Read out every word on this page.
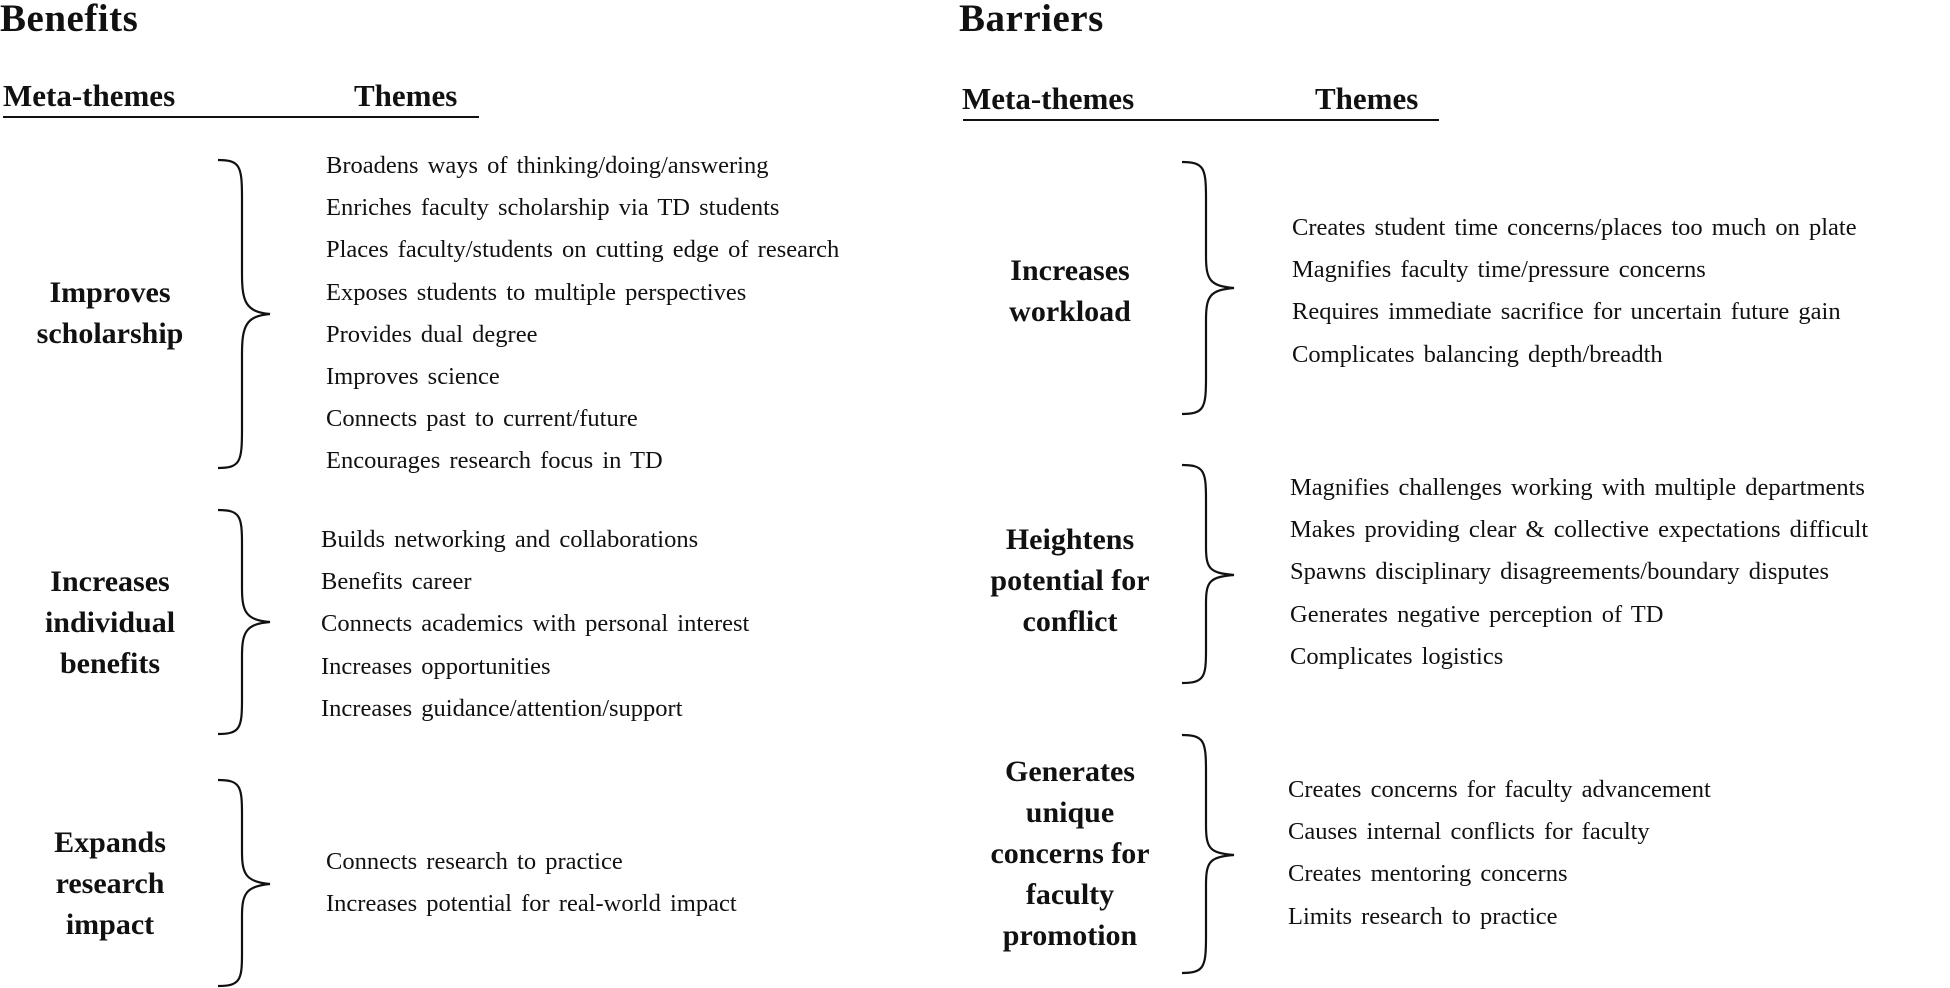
Benefits
Meta-themes	Themes
Improves
scholarship
Broadens ways of thinking/doing/answering
Enriches faculty scholarship via TD students
Places faculty/students on cutting edge of research
Exposes students to multiple perspectives
Provides dual degree
Improves science
Connects past to current/future
Encourages research focus in TD
Increases
individual
benefits
Builds networking and collaborations
Benefits career
Connects academics with personal interest
Increases opportunities
Increases guidance/attention/support
Expands
research
impact
Connects research to practice
Increases potential for real-world impact
Barriers
Meta-themes	Themes
Increases
workload
Creates student time concerns/places too much on plate
Magnifies faculty time/pressure concerns
Requires immediate sacrifice for uncertain future gain
Complicates balancing depth/breadth
Heightens
potential for
conflict
Magnifies challenges working with multiple departments
Makes providing clear & collective expectations difficult
Spawns disciplinary disagreements/boundary disputes
Generates negative perception of TD
Complicates logistics
Generates
unique
concerns for
faculty
promotion
Creates concerns for faculty advancement
Causes internal conflicts for faculty
Creates mentoring concerns
Limits research to practice
